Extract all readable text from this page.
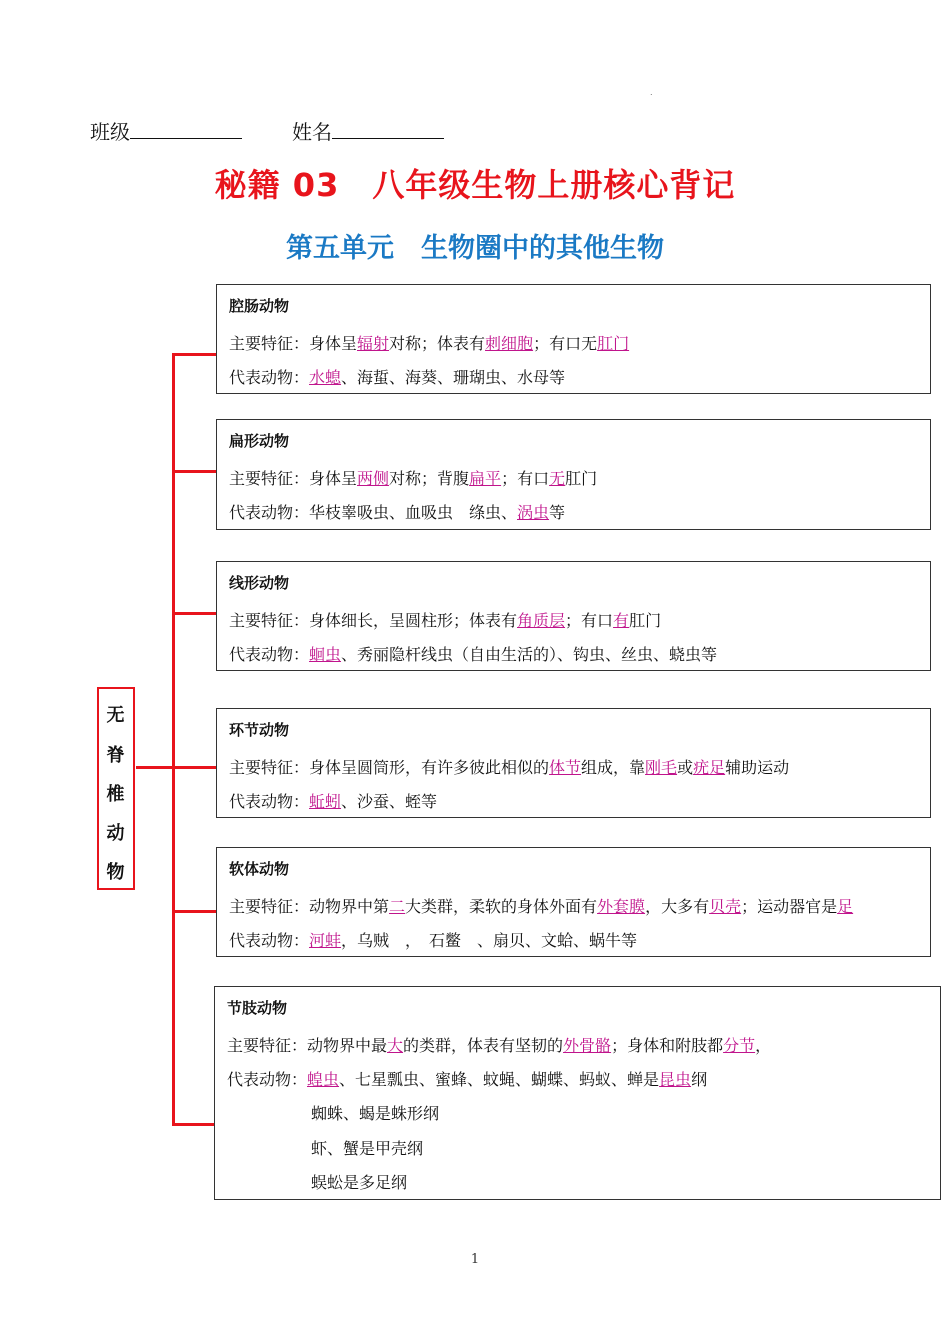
.
班级	姓名
秘籍 03　八年级生物上册核心背记
第五单元　生物圈中的其他生物
无
脊
椎
动
物
腔肠动物
主要特征：身体呈辐射对称；体表有刺细胞；有口无肛门
代表动物：水螅、海蜇、海葵、珊瑚虫、水母等
扁形动物
主要特征：身体呈两侧对称；背腹扁平；有口无肛门
代表动物：华枝睾吸虫、血吸虫　绦虫、涡虫等
线形动物
主要特征：身体细长，呈圆柱形；体表有角质层；有口有肛门
代表动物：蛔虫、秀丽隐杆线虫（自由生活的）、钩虫、丝虫、蛲虫等
环节动物
主要特征：身体呈圆筒形，有许多彼此相似的体节组成，靠刚毛或疣足辅助运动
代表动物：蚯蚓、沙蚕、蛭等
软体动物
主要特征：动物界中第二大类群，柔软的身体外面有外套膜，大多有贝壳；运动器官是足
代表动物：河蚌，乌贼　，　石鳖　、扇贝、文蛤、蜗牛等
节肢动物
主要特征：动物界中最大的类群，体表有坚韧的外骨骼；身体和附肢都分节，
代表动物：蝗虫、七星瓢虫、蜜蜂、蚊蝇、蝴蝶、蚂蚁、蝉是昆虫纲
蜘蛛、蝎是蛛形纲
虾、蟹是甲壳纲
蜈蚣是多足纲
1
